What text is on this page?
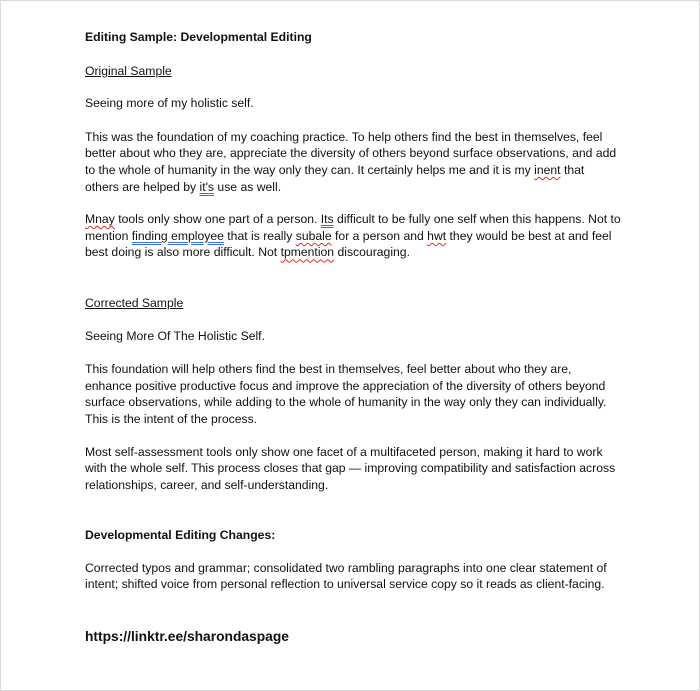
Editing Sample: Developmental Editing

Original Sample

Seeing more of my holistic self.

This was the foundation of my coaching practice. To help others find the best in themselves, feel better about who they are, appreciate the diversity of others beyond surface observations, and add to the whole of humanity in the way only they can. It certainly helps me and it is my inent that others are helped by it's use as well.

Mnay tools only show one part of a person. Its difficult to be fully one self when this happens. Not to mention finding employee that is really subale for a person and hwt they would be best at and feel best doing is also more difficult. Not tpmention discouraging.

Corrected Sample

Seeing More Of The Holistic Self.

This foundation will help others find the best in themselves, feel better about who they are, enhance positive productive focus and improve the appreciation of the diversity of others beyond surface observations, while adding to the whole of humanity in the way only they can individually. This is the intent of the process.

Most self-assessment tools only show one facet of a multifaceted person, making it hard to work with the whole self. This process closes that gap — improving compatibility and satisfaction across relationships, career, and self-understanding.

Developmental Editing Changes:

Corrected typos and grammar; consolidated two rambling paragraphs into one clear statement of intent; shifted voice from personal reflection to universal service copy so it reads as client-facing.

https://linktr.ee/sharondaspage
